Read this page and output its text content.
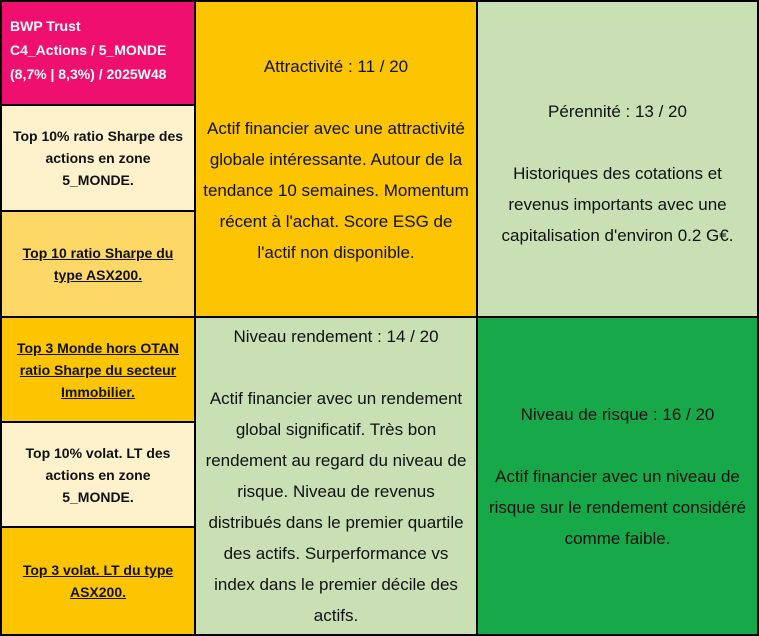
BWP Trust
C4_Actions / 5_MONDE
(8,7% | 8,3%) / 2025W48
Top 10% ratio Sharpe des actions en zone 5_MONDE.
Top 10 ratio Sharpe du type ASX200.
Top 3 Monde hors OTAN ratio Sharpe du secteur Immobilier.
Top 10% volat. LT des actions en zone 5_MONDE.
Top 3 volat. LT du type ASX200.
Attractivité : 11 / 20
Actif financier avec une attractivité globale intéressante. Autour de la tendance 10 semaines. Momentum récent à l'achat. Score ESG de l'actif non disponible.
Pérennité : 13 / 20
Historiques des cotations et revenus importants avec une capitalisation d'environ 0.2 G€.
Niveau rendement : 14 / 20
Actif financier avec un rendement global significatif. Très bon rendement au regard du niveau de risque. Niveau de revenus distribués dans le premier quartile des actifs. Surperformance vs index dans le premier décile des actifs.
Niveau de risque : 16 / 20
Actif financier avec un niveau de risque sur le rendement considéré comme faible.
